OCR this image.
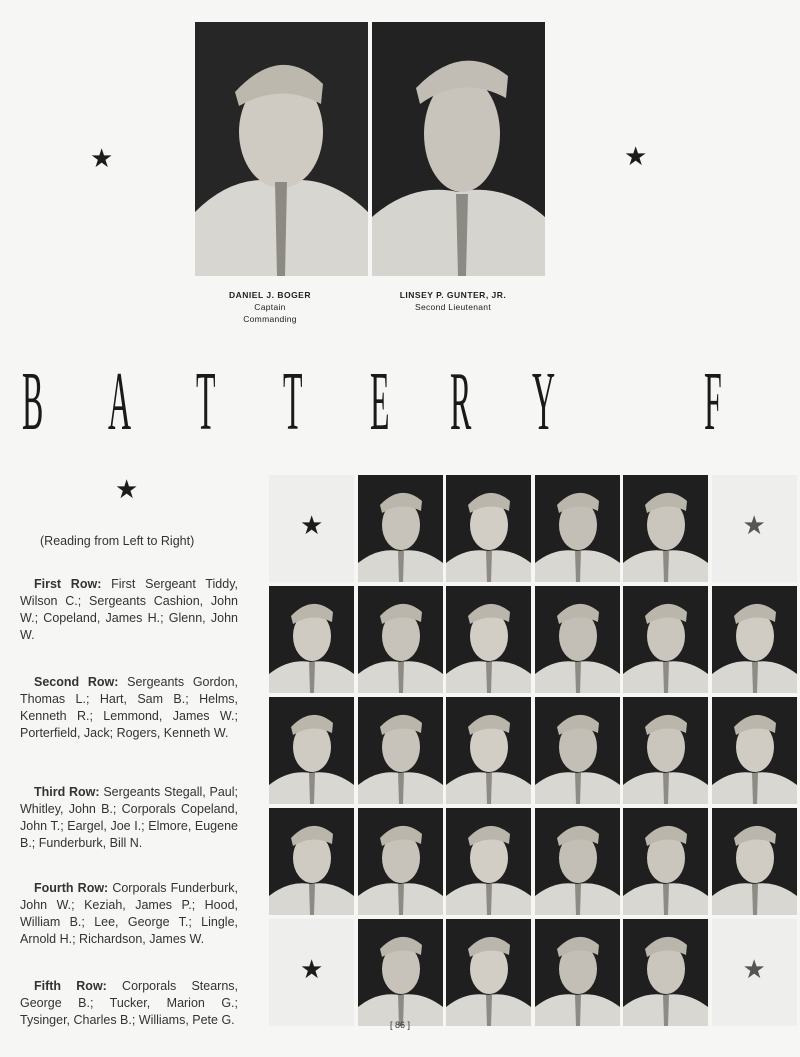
★	★
DANIEL J. BOGER
Captain
Commanding
LINSEY P. GUNTER, JR.
Second Lieutenant
B A T T E R Y F
★
(Reading from Left to Right)
First Row: First Sergeant Tiddy, Wilson C.; Sergeants Cashion, John W.; Copeland, James H.; Glenn, John W.
Second Row: Sergeants Gordon, Thomas L.; Hart, Sam B.; Helms, Kenneth R.; Lemmond, James W.; Porterfield, Jack; Rogers, Kenneth W.
Third Row: Sergeants Stegall, Paul; Whitley, John B.; Corporals Copeland, John T.; Eargel, Joe I.; Elmore, Eugene B.; Funderburk, Bill N.
Fourth Row: Corporals Funderburk, John W.; Keziah, James P.; Hood, William B.; Lee, George T.; Lingle, Arnold H.; Richardson, James W.
Fifth Row: Corporals Stearns, George B.; Tucker, Marion G.; Tysinger, Charles B.; Williams, Pete G.
★	★
★	★
[ 86 ]
